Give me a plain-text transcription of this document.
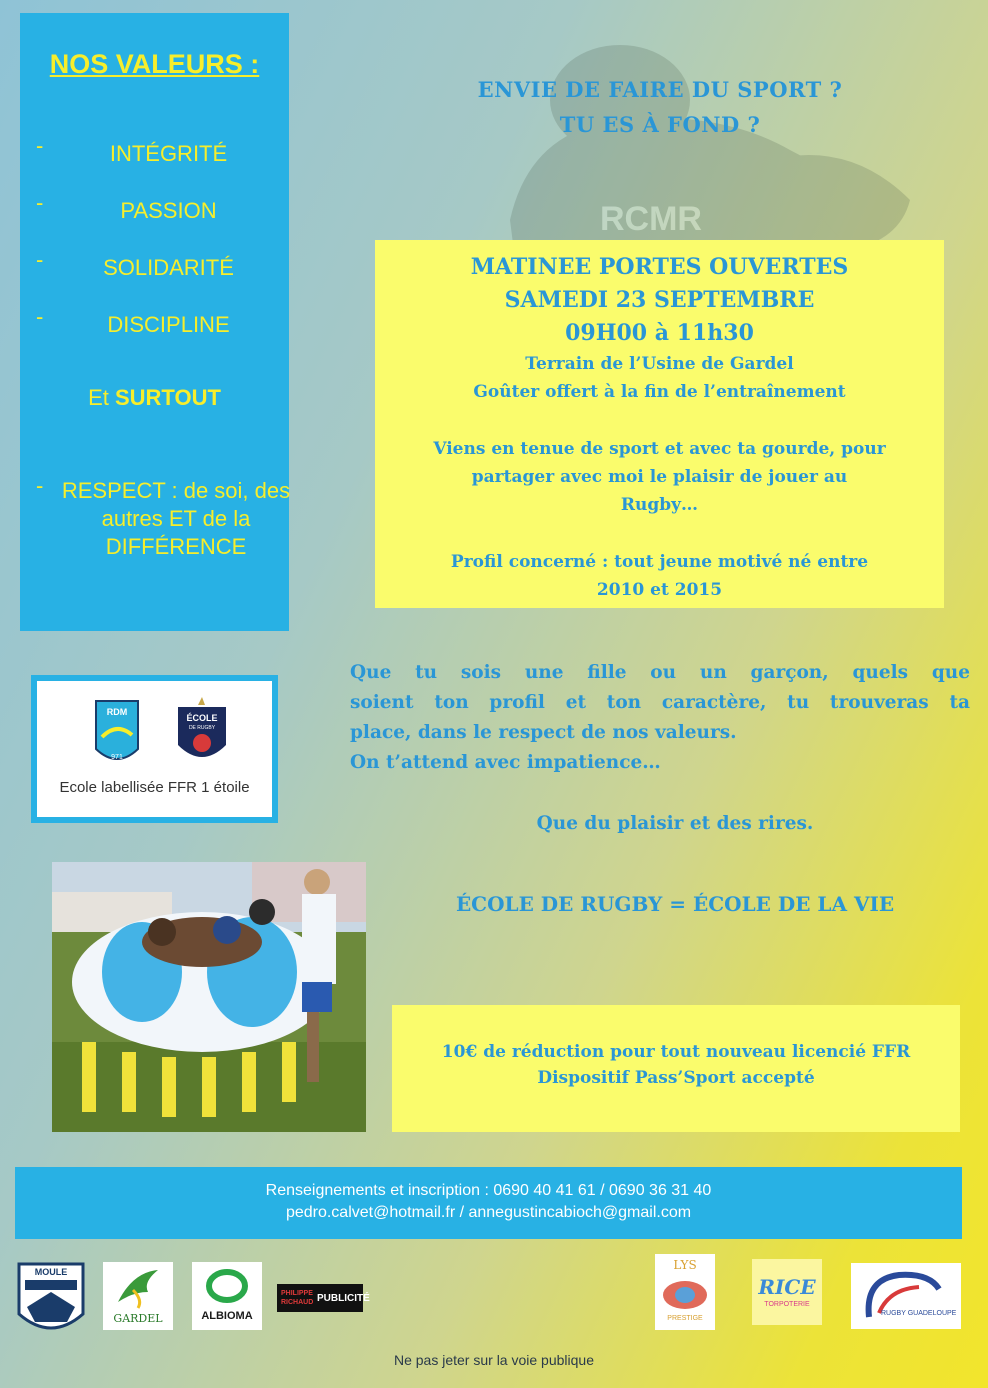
RCMR
NOS VALEURS :
-	INTÉGRITÉ
-	PASSION
-	SOLIDARITÉ
-	DISCIPLINE
Et SURTOUT
- RESPECT : de soi, des autres ET de la DIFFÉRENCE
RDM
971
ÉCOLE
DE RUGBY
Ecole labellisée FFR 1 étoile
ENVIE DE FAIRE DU SPORT ?
TU ES À FOND ?
MATINEE PORTES OUVERTES
SAMEDI 23 SEPTEMBRE
09H00 à 11h30
Terrain de l’Usine de Gardel
Goûter offert à la fin de l’entraînement
Viens en tenue de sport et avec ta gourde, pour
partager avec moi le plaisir de jouer au
Rugby…
Profil concerné : tout jeune motivé né entre
2010 et 2015
Que tu sois une fille ou un garçon, quels que
soient ton profil et ton caractère, tu trouveras ta
place, dans le respect de nos valeurs.
On t’attend avec impatience…
Que du plaisir et des rires.
ÉCOLE DE RUGBY = ÉCOLE DE LA VIE
10€ de réduction pour tout nouveau licencié FFR
Dispositif Pass’Sport accepté
Renseignements et inscription : 0690 40 41 61 / 0690 36 31 40
pedro.calvet@hotmail.fr / annegustincabioch@gmail.com
MOULE
GARDEL	ALBIOMA
PHILIPPE
RICHAUD PUBLICITÉ
LYS
PRESTIGE
RICE
TORPOTERIE
RUGBY GUADELOUPE
Ne pas jeter sur la voie publique
